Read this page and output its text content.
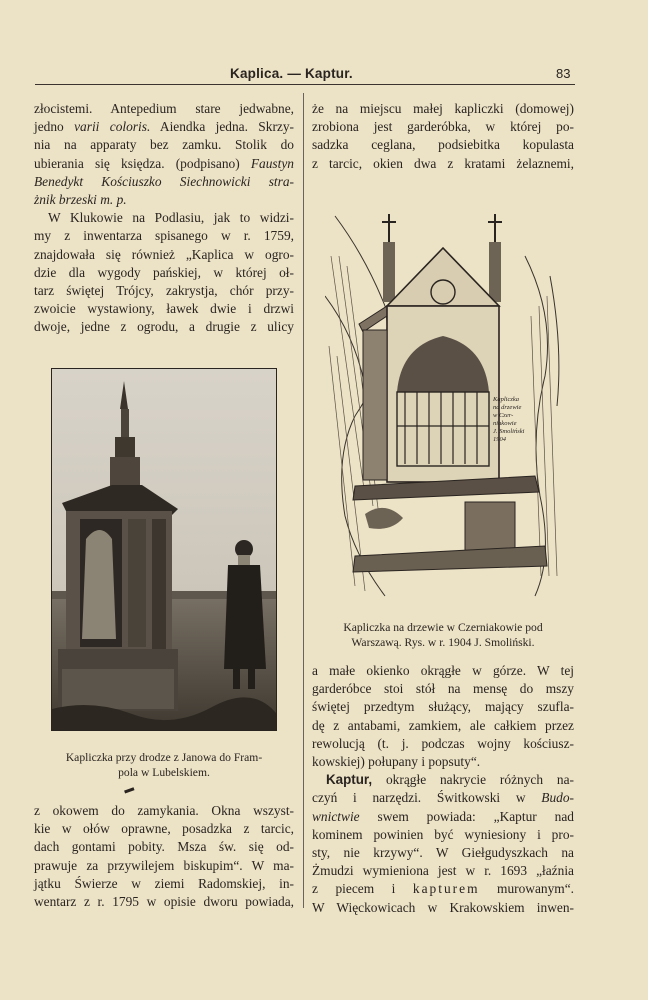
Kaplica. — Kaptur.	83

złocistemi. Antepedium stare jedwabne,

jedno varii coloris. Aiendka jedna. Skrzy-

nia na apparaty bez zamku. Stolik do

ubierania się księdza. (podpisano) Faustyn

Benedykt Kościuszko Siechnowicki stra-

żnik brzeski m. p.

W Klukowie na Podlasiu, jak to widzi-

my z inwentarza spisanego w r. 1759,

znajdowała się również „Kaplica w ogro-

dzie dla wygody pańskiej, w której oł-

tarz świętej Trójcy, zakrystja, chór przy-

zwoicie wystawiony, ławek dwie i drzwi

dwoje, jedne z ogrodu, a drugie z ulicy

Kapliczka przy drodze z Janowa do Fram-
pola w Lubelskiem.
▬

z okowem do zamykania. Okna wszyst-

kie w ołów oprawne, posadzka z tarcic,

dach gontami pobity. Msza św. się od-

prawuje za przywilejem biskupim“. W ma-

jątku Świerze w ziemi Radomskiej, in-

wentarz z r. 1795 w opisie dworu powiada,

że na miejscu małej kapliczki (domowej)

zrobiona jest garderóbka, w której po-

sadzka ceglana, podsiebitka kopulasta

z tarcic, okien dwa z kratami żelaznemi,

Kapliczka
na drzewie
w Czer-
niakowie
J. Smoliński
1904
Kapliczka na drzewie w Czerniakowie pod
Warszawą. Rys. w r. 1904 J. Smoliński.

a małe okienko okrągłe w górze. W tej

garderóbce stoi stół na mensę do mszy

świętej przedtym służący, mający szufla-

dę z antabami, zamkiem, ale całkiem przez

rewolucją (t. j. podczas wojny kościusz-

kowskiej) połupany i popsuty“.

Kaptur, okrągłe nakrycie różnych na-

czyń i narzędzi. Świtkowski w Budo-

wnictwie swem powiada: „Kaptur nad

kominem powinien być wyniesiony i pro-

sty, nie krzywy“. W Giełgudyszkach na

Żmudzi wymieniona jest w r. 1693 „łaźnia

z piecem i kapturem murowanym“.

W Więckowicach w Krakowskiem inwen-
